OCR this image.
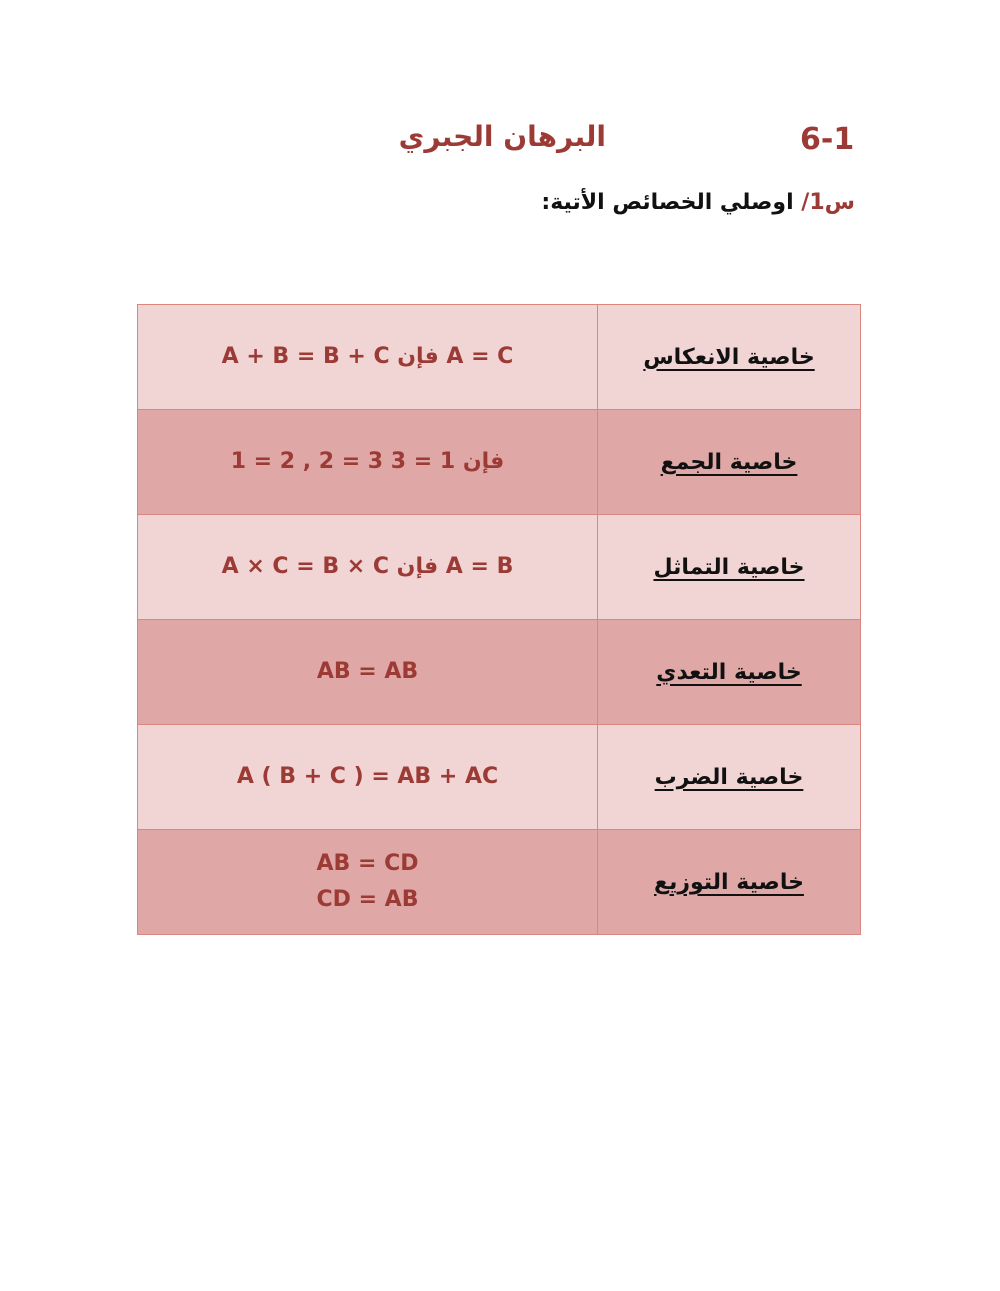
6-1
البرهان الجبري
س1/ اوصلي الخصائص الأتية:
A + B = B + C فإن A = C	خاصية الانعكاس

1 = 2 , 2 = 3 فإن 1 = 3	خاصية الجمع

A × C = B × C فإن A = B	خاصية التماثل

AB = AB	خاصية التعدي

A ( B + C ) = AB + AC	خاصية الضرب

AB = CD
CD = AB	خاصية التوزيع
